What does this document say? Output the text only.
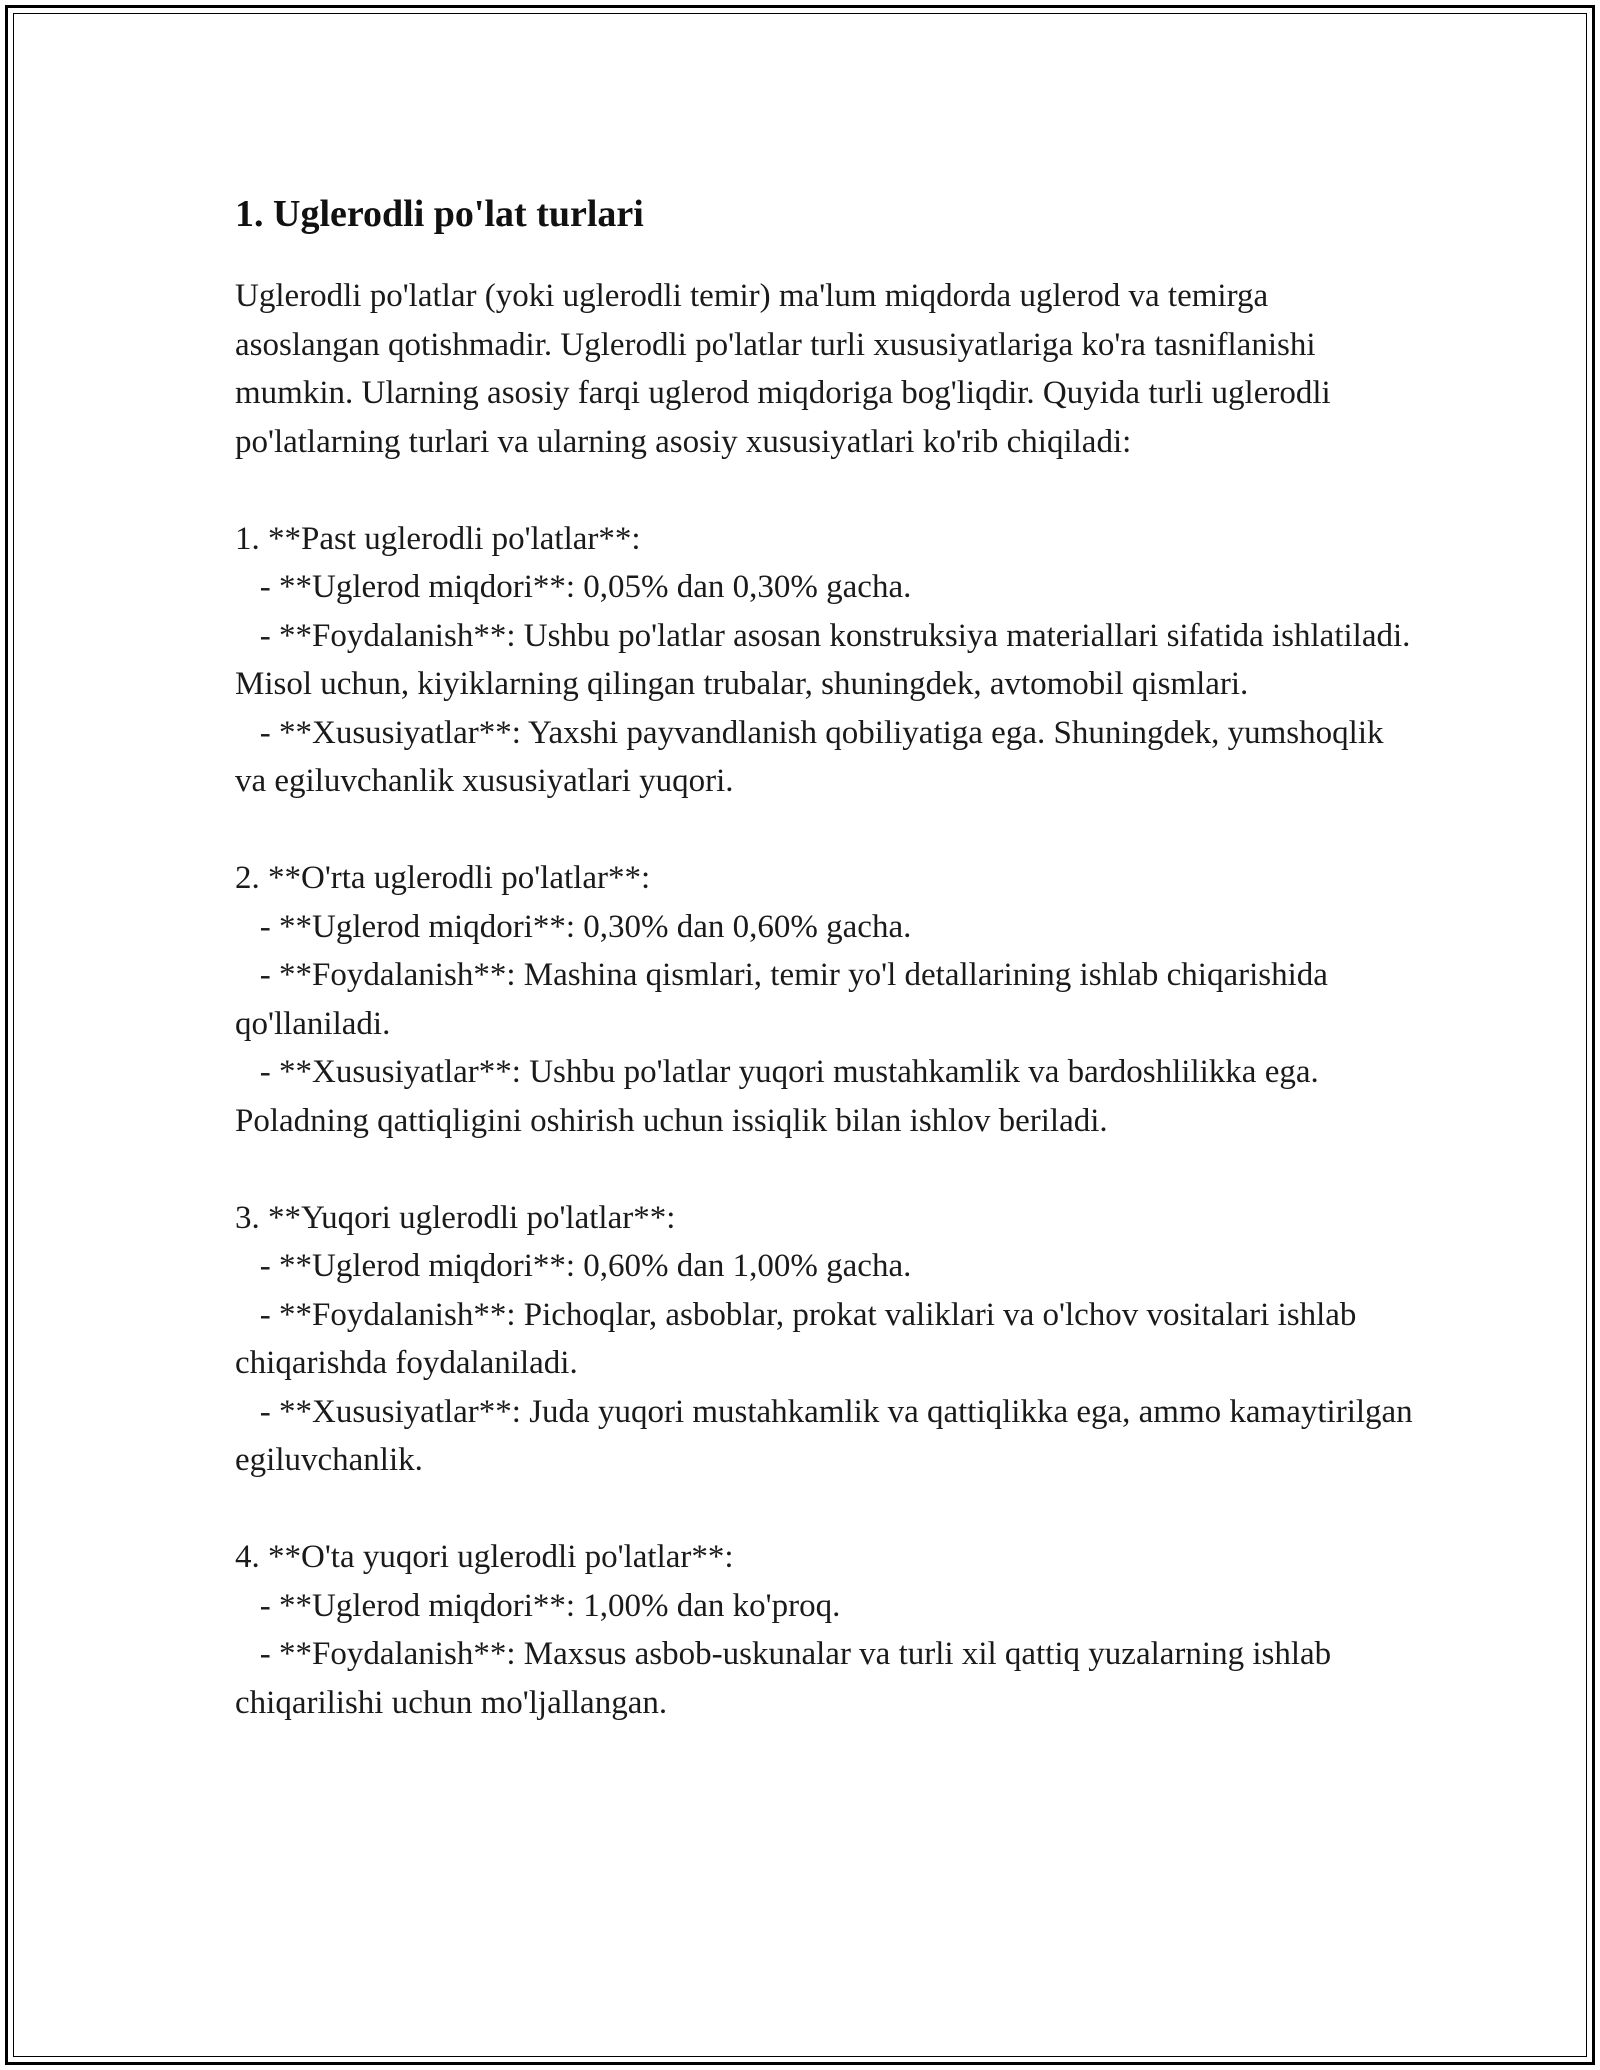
1. Uglerodli po'lat turlari

Uglerodli po'latlar (yoki uglerodli temir) ma'lum miqdorda uglerod va temirga asoslangan qotishmadir. Uglerodli po'latlar turli xususiyatlariga ko'ra tasniflanishi mumkin. Ularning asosiy farqi uglerod miqdoriga bog'liqdir. Quyida turli uglerodli po'latlarning turlari va ularning asosiy xususiyatlari ko'rib chiqiladi:

1. **Past uglerodli po'latlar**:

- **Uglerod miqdori**: 0,05% dan 0,30% gacha.

- **Foydalanish**: Ushbu po'latlar asosan konstruksiya materiallari sifatida ishlatiladi. Misol uchun, kiyiklarning qilingan trubalar, shuningdek, avtomobil qismlari.

- **Xususiyatlar**: Yaxshi payvandlanish qobiliyatiga ega. Shuningdek, yumshoqlik va egiluvchanlik xususiyatlari yuqori.

2. **O'rta uglerodli po'latlar**:

- **Uglerod miqdori**: 0,30% dan 0,60% gacha.

- **Foydalanish**: Mashina qismlari, temir yo'l detallarining ishlab chiqarishida qo'llaniladi.

- **Xususiyatlar**: Ushbu po'latlar yuqori mustahkamlik va bardoshlilikka ega. Poladning qattiqligini oshirish uchun issiqlik bilan ishlov beriladi.

3. **Yuqori uglerodli po'latlar**:

- **Uglerod miqdori**: 0,60% dan 1,00% gacha.

- **Foydalanish**: Pichoqlar, asboblar, prokat valiklari va o'lchov vositalari ishlab chiqarishda foydalaniladi.

- **Xususiyatlar**: Juda yuqori mustahkamlik va qattiqlikka ega, ammo kamaytirilgan egiluvchanlik.

4. **O'ta yuqori uglerodli po'latlar**:

- **Uglerod miqdori**: 1,00% dan ko'proq.

- **Foydalanish**: Maxsus asbob-uskunalar va turli xil qattiq yuzalarning ishlab chiqarilishi uchun mo'ljallangan.
